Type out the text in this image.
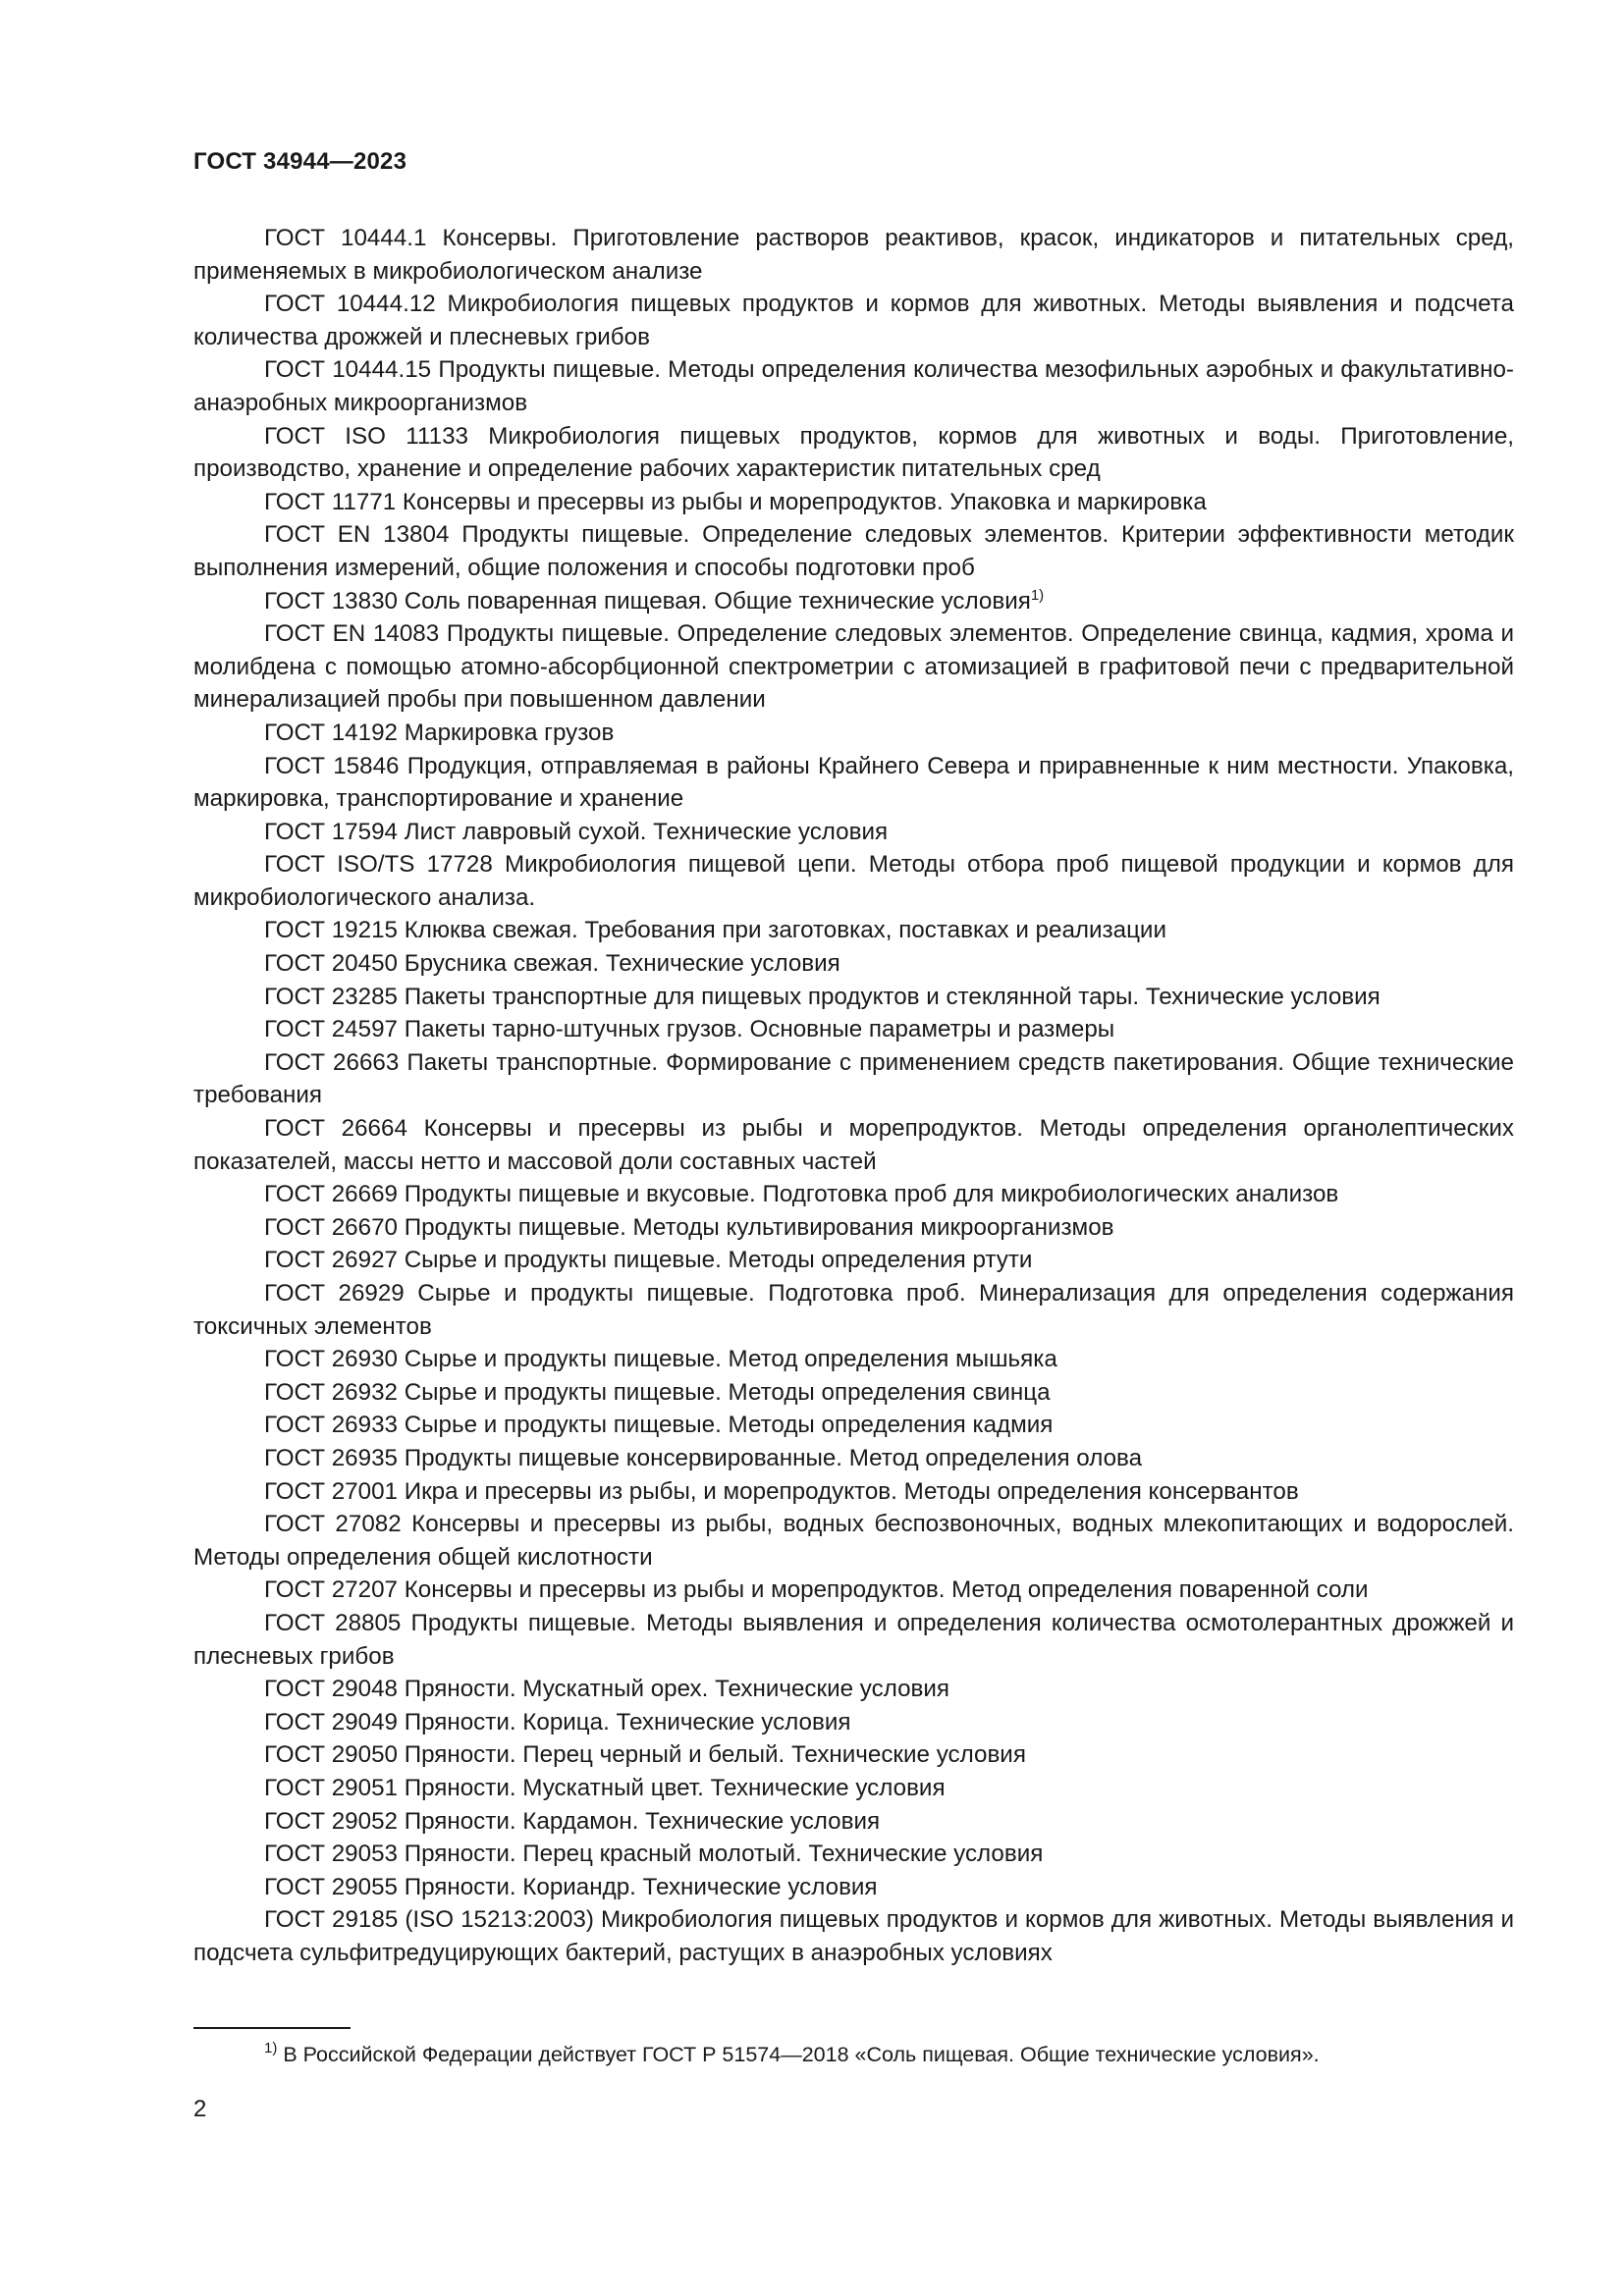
ГОСТ 34944—2023
ГОСТ 10444.1 Консервы. Приготовление растворов реактивов, красок, индикаторов и питательных сред, применяемых в микробиологическом анализе
ГОСТ 10444.12 Микробиология пищевых продуктов и кормов для животных. Методы выявления и подсчета количества дрожжей и плесневых грибов
ГОСТ 10444.15 Продукты пищевые. Методы определения количества мезофильных аэробных и факультативно-анаэробных микроорганизмов
ГОСТ ISO 11133 Микробиология пищевых продуктов, кормов для животных и воды. Приготовление, производство, хранение и определение рабочих характеристик питательных сред
ГОСТ 11771 Консервы и пресервы из рыбы и морепродуктов. Упаковка и маркировка
ГОСТ EN 13804 Продукты пищевые. Определение следовых элементов. Критерии эффективности методик выполнения измерений, общие положения и способы подготовки проб
ГОСТ 13830 Соль поваренная пищевая. Общие технические условия$^{1)}$
ГОСТ EN 14083 Продукты пищевые. Определение следовых элементов. Определение свинца, кадмия, хрома и молибдена с помощью атомно-абсорбционной спектрометрии с атомизацией в графитовой печи с предварительной минерализацией пробы при повышенном давлении
ГОСТ 14192 Маркировка грузов
ГОСТ 15846 Продукция, отправляемая в районы Крайнего Севера и приравненные к ним местности. Упаковка, маркировка, транспортирование и хранение
ГОСТ 17594 Лист лавровый сухой. Технические условия
ГОСТ ISO/TS 17728 Микробиология пищевой цепи. Методы отбора проб пищевой продукции и кормов для микробиологического анализа.
ГОСТ 19215 Клюква свежая. Требования при заготовках, поставках и реализации
ГОСТ 20450 Брусника свежая. Технические условия
ГОСТ 23285 Пакеты транспортные для пищевых продуктов и стеклянной тары. Технические условия
ГОСТ 24597 Пакеты тарно-штучных грузов. Основные параметры и размеры
ГОСТ 26663 Пакеты транспортные. Формирование с применением средств пакетирования. Общие технические требования
ГОСТ 26664 Консервы и пресервы из рыбы и морепродуктов. Методы определения органолептических показателей, массы нетто и массовой доли составных частей
ГОСТ 26669 Продукты пищевые и вкусовые. Подготовка проб для микробиологических анализов
ГОСТ 26670 Продукты пищевые. Методы культивирования микроорганизмов
ГОСТ 26927 Сырье и продукты пищевые. Методы определения ртути
ГОСТ 26929 Сырье и продукты пищевые. Подготовка проб. Минерализация для определения содержания токсичных элементов
ГОСТ 26930 Сырье и продукты пищевые. Метод определения мышьяка
ГОСТ 26932 Сырье и продукты пищевые. Методы определения свинца
ГОСТ 26933 Сырье и продукты пищевые. Методы определения кадмия
ГОСТ 26935 Продукты пищевые консервированные. Метод определения олова
ГОСТ 27001 Икра и пресервы из рыбы, и морепродуктов. Методы определения консервантов
ГОСТ 27082 Консервы и пресервы из рыбы, водных беспозвоночных, водных млекопитающих и водорослей. Методы определения общей кислотности
ГОСТ 27207 Консервы и пресервы из рыбы и морепродуктов. Метод определения поваренной соли
ГОСТ 28805 Продукты пищевые. Методы выявления и определения количества осмотолерантных дрожжей и плесневых грибов
ГОСТ 29048 Пряности. Мускатный орех. Технические условия
ГОСТ 29049 Пряности. Корица. Технические условия
ГОСТ 29050 Пряности. Перец черный и белый. Технические условия
ГОСТ 29051 Пряности. Мускатный цвет. Технические условия
ГОСТ 29052 Пряности. Кардамон. Технические условия
ГОСТ 29053 Пряности. Перец красный молотый. Технические условия
ГОСТ 29055 Пряности. Кориандр. Технические условия
ГОСТ 29185 (ISO 15213:2003) Микробиология пищевых продуктов и кормов для животных. Методы выявления и подсчета сульфитредуцирующих бактерий, растущих в анаэробных условиях
$^{1)}$ В Российской Федерации действует ГОСТ Р 51574—2018 «Соль пищевая. Общие технические условия».
2
